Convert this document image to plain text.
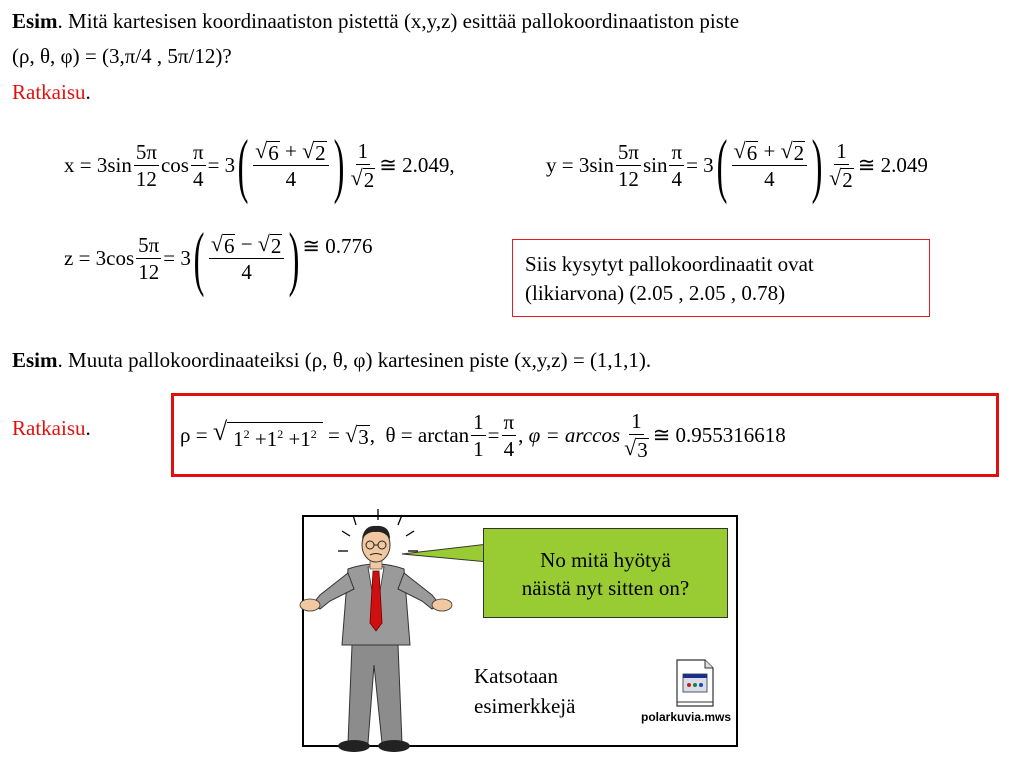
Esim. Mitä kartesisen koordinaatiston pistettä (x,y,z) esittää pallokoordinaatiston piste
(ρ, θ, φ) = (3,π/4 , 5π/12)?
Ratkaisu.
$x = 3\sin \frac{5\pi}{12}$ $\cos \frac{\pi}{4} = 3$ ( $\frac{√ 6 + √ 2}{4}$ ) $\frac{1}{√ 2}$ ≅ 2.049,	$y = 3\sin \frac{5\pi}{12}$ $\sin \frac{\pi}{4} = 3$ ( $\frac{√ 6 + √ 2}{4}$ ) $\frac{1}{√ 2}$ ≅ 2.049
$z = 3\cos \frac{5\pi}{12} = 3$ ( $\frac{√ 6 - √ 2}{4}$ ) ≅ 0.776
Siis kysytyt pallokoordinaatit ovat
(likiarvona) (2.05 , 2.05 , 0.78)
Esim. Muuta pallokoordinaateiksi (ρ, θ, φ) kartesinen piste (x,y,z) = (1,1,1).
Ratkaisu.	ρ =
√ $1^2 +1^2 +1^2$
=
√ 3 ,
$\theta = \arctan \frac{1}{1} = \frac{\pi}{4}$ ,
$\varphi = \arccos \frac{1}{√ 3}$ ≅ 0.955316618
No mitä hyötyä
näistä nyt sitten on?
Katsotaan
esimerkkejä	polarkuvia.mws
